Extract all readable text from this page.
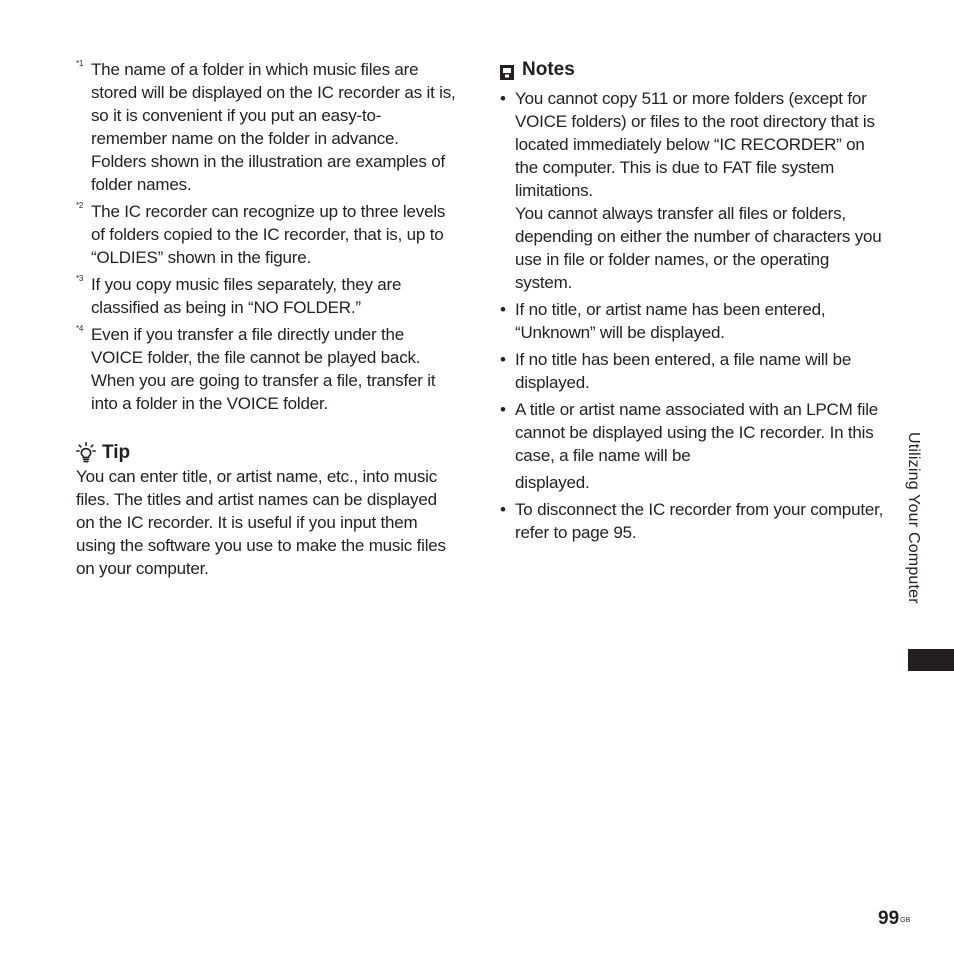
*1 The name of a folder in which music files are stored will be displayed on the IC recorder as it is, so it is convenient if you put an easy-to-remember name on the folder in advance. Folders shown in the illustration are examples of folder names.
*2 The IC recorder can recognize up to three levels of folders copied to the IC recorder, that is, up to “OLDIES” shown in the figure.
*3 If you copy music files separately, they are classified as being in “NO FOLDER.”
*4 Even if you transfer a file directly under the VOICE folder, the file cannot be played back. When you are going to transfer a file, transfer it into a folder in the VOICE folder.
Tip

You can enter title, or artist name, etc., into music files. The titles and artist names can be displayed on the IC recorder. It is useful if you input them using the software you use to make the music files on your computer.

Notes
• You cannot copy 511 or more folders (except for VOICE folders) or files to the root directory that is located immediately below “IC RECORDER” on the computer. This is due to FAT file system limitations.

You cannot always transfer all files or folders, depending on either the number of characters you use in file or folder names, or the operating system.

• If no title, or artist name has been entered, “Unknown” will be displayed.

• If no title has been entered, a file name will be displayed.

• A title or artist name associated with an LPCM file cannot be displayed using the IC recorder. In this case, a file name will be

displayed.
• To disconnect the IC recorder from your computer, refer to page 95.	Utilizing Your Computer
$99^{GB}$
